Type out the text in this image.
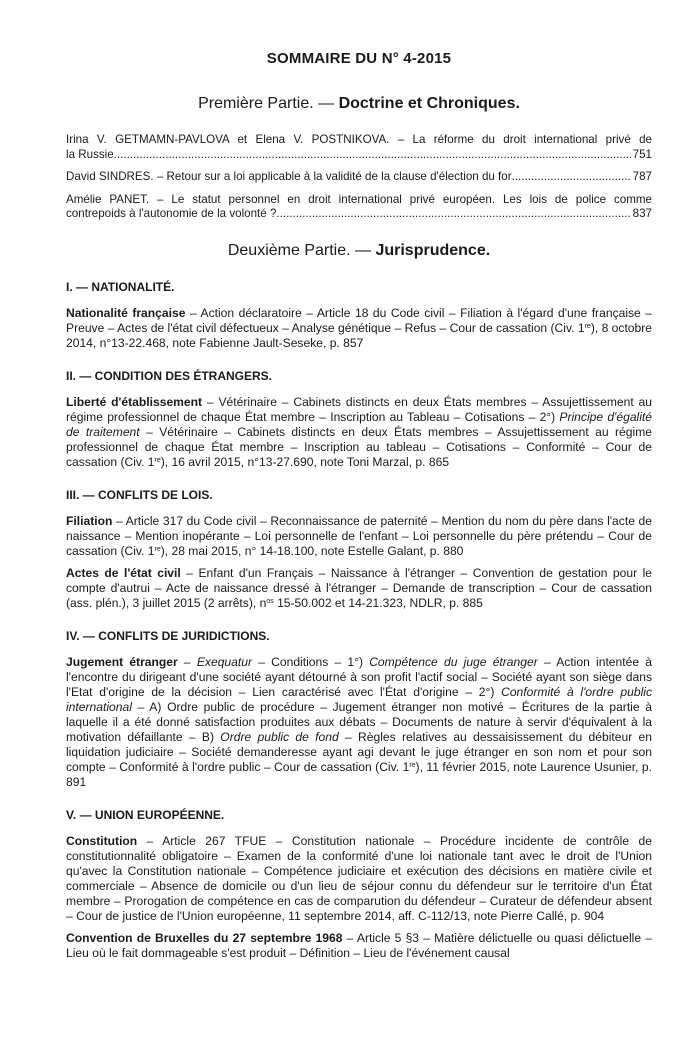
SOMMAIRE DU N° 4-2015
Première Partie. — Doctrine et Chroniques.
Irina V. GETMAMN-PAVLOVA et Elena V. POSTNIKOVA. – La réforme du droit international privé de
la Russie .....	751
David SINDRES. – Retour sur a loi applicable à la validité de la clause d'élection du for .....	787
Amélie PANET. – Le statut personnel en droit international privé européen. Les lois de police comme
contrepoids à l'autonomie de la volonté ? .....	837
Deuxième Partie. — Jurisprudence.
I. — NATIONALITÉ.
Nationalité française – Action déclaratoire – Article 18 du Code civil – Filiation à l'égard d'une française – Preuve – Actes de l'état civil défectueux – Analyse génétique – Refus – Cour de cassation (Civ. 1re), 8 octobre 2014, n°13-22.468, note Fabienne Jault-Seseke, p. 857
II. — CONDITION DES ÉTRANGERS.
Liberté d'établissement – Vétérinaire – Cabinets distincts en deux États membres – Assujettissement au régime professionnel de chaque État membre – Inscription au Tableau – Cotisations – 2°) Principe d'égalité de traitement – Vétérinaire – Cabinets distincts en deux États membres – Assujettissement au régime professionnel de chaque État membre – Inscription au tableau – Cotisations – Conformité – Cour de cassation (Civ. 1re), 16 avril 2015, n°13-27.690, note Toni Marzal, p. 865
III. — CONFLITS DE LOIS.
Filiation – Article 317 du Code civil – Reconnaissance de paternité – Mention du nom du père dans l'acte de naissance – Mention inopérante – Loi personnelle de l'enfant – Loi personnelle du père prétendu – Cour de cassation (Civ. 1re), 28 mai 2015, n° 14-18.100, note Estelle Galant, p. 880
Actes de l'état civil – Enfant d'un Français – Naissance à l'étranger – Convention de gestation pour le compte d'autrui – Acte de naissance dressé à l'étranger – Demande de transcription – Cour de cassation (ass. plén.), 3 juillet 2015 (2 arrêts), $n^{os}$ 15-50.002 et 14-21.323, NDLR, p. 885
IV. — CONFLITS DE JURIDICTIONS.
Jugement étranger – Exequatur – Conditions – 1°) Compétence du juge étranger – Action intentée à l'encontre du dirigeant d'une société ayant détourné à son profit l'actif social – Société ayant son siège dans l'Etat d'origine de la décision – Lien caractérisé avec l'État d'origine – 2°) Conformité à l'ordre public international – A) Ordre public de procédure – Jugement étranger non motivé – Écritures de la partie à laquelle il a été donné satisfaction produites aux débats – Documents de nature à servir d'équivalent à la motivation défaillante – B) Ordre public de fond – Règles relatives au dessaisissement du débiteur en liquidation judiciaire – Société demanderesse ayant agi devant le juge étranger en son nom et pour son compte – Conformité à l'ordre public – Cour de cassation (Civ. 1re), 11 février 2015, note Laurence Usunier, p. 891
V. — UNION EUROPÉENNE.
Constitution – Article 267 TFUE – Constitution nationale – Procédure incidente de contrôle de constitutionnalité obligatoire – Examen de la conformité d'une loi nationale tant avec le droit de l'Union qu'avec la Constitution nationale – Compétence judiciaire et exécution des décisions en matière civile et commerciale – Absence de domicile ou d'un lieu de séjour connu du défendeur sur le territoire d'un État membre – Prorogation de compétence en cas de comparution du défendeur – Curateur de défendeur absent – Cour de justice de l'Union européenne, 11 septembre 2014, aff. C-112/13, note Pierre Callé, p. 904
Convention de Bruxelles du 27 septembre 1968 – Article 5 §3 – Matière délictuelle ou quasi délictuelle – Lieu où le fait dommageable s'est produit – Définition – Lieu de l'événement causal
